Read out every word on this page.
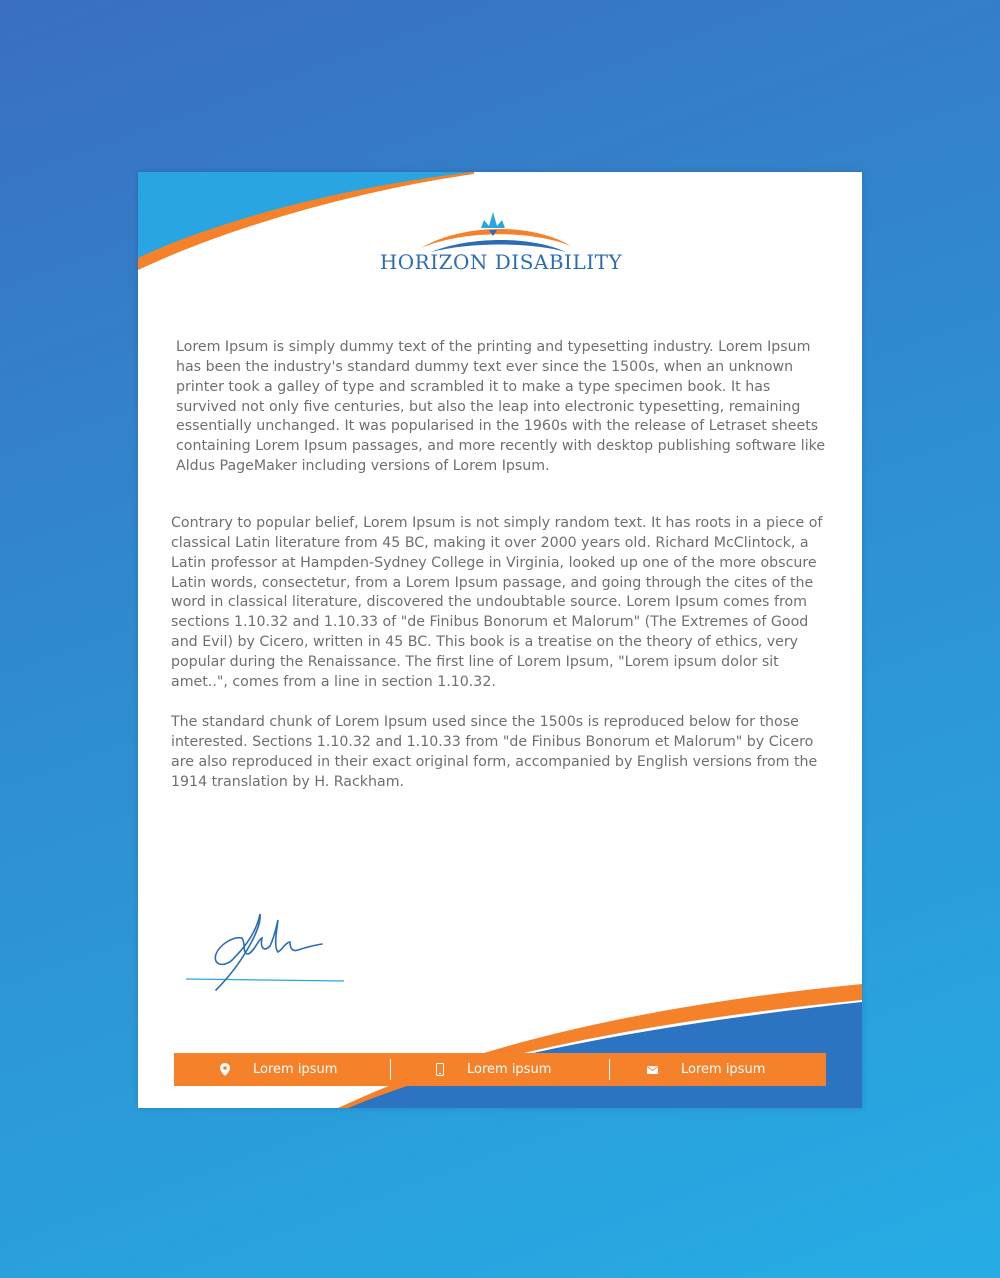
HORIZON DISABILITY

Lorem Ipsum is simply dummy text of the printing and typesetting industry. Lorem Ipsum has been the industry's standard dummy text ever since the 1500s, when an unknown printer took a galley of type and scrambled it to make a type specimen book. It has survived not only five centuries, but also the leap into electronic typesetting, remaining essentially unchanged. It was popularised in the 1960s with the release of Letraset sheets containing Lorem Ipsum passages, and more recently with desktop publishing software like Aldus PageMaker including versions of Lorem Ipsum.

Contrary to popular belief, Lorem Ipsum is not simply random text. It has roots in a piece of classical Latin literature from 45 BC, making it over 2000 years old. Richard McClintock, a Latin professor at Hampden-Sydney College in Virginia, looked up one of the more obscure Latin words, consectetur, from a Lorem Ipsum passage, and going through the cites of the word in classical literature, discovered the undoubtable source. Lorem Ipsum comes from sections 1.10.32 and 1.10.33 of "de Finibus Bonorum et Malorum" (The Extremes of Good and Evil) by Cicero, written in 45 BC. This book is a treatise on the theory of ethics, very popular during the Renaissance. The first line of Lorem Ipsum, "Lorem ipsum dolor sit amet..", comes from a line in section 1.10.32.

The standard chunk of Lorem Ipsum used since the 1500s is reproduced below for those interested. Sections 1.10.32 and 1.10.33 from "de Finibus Bonorum et Malorum" by Cicero are also reproduced in their exact original form, accompanied by English versions from the 1914 translation by H. Rackham.

Lorem ipsum	Lorem ipsum	Lorem ipsum
